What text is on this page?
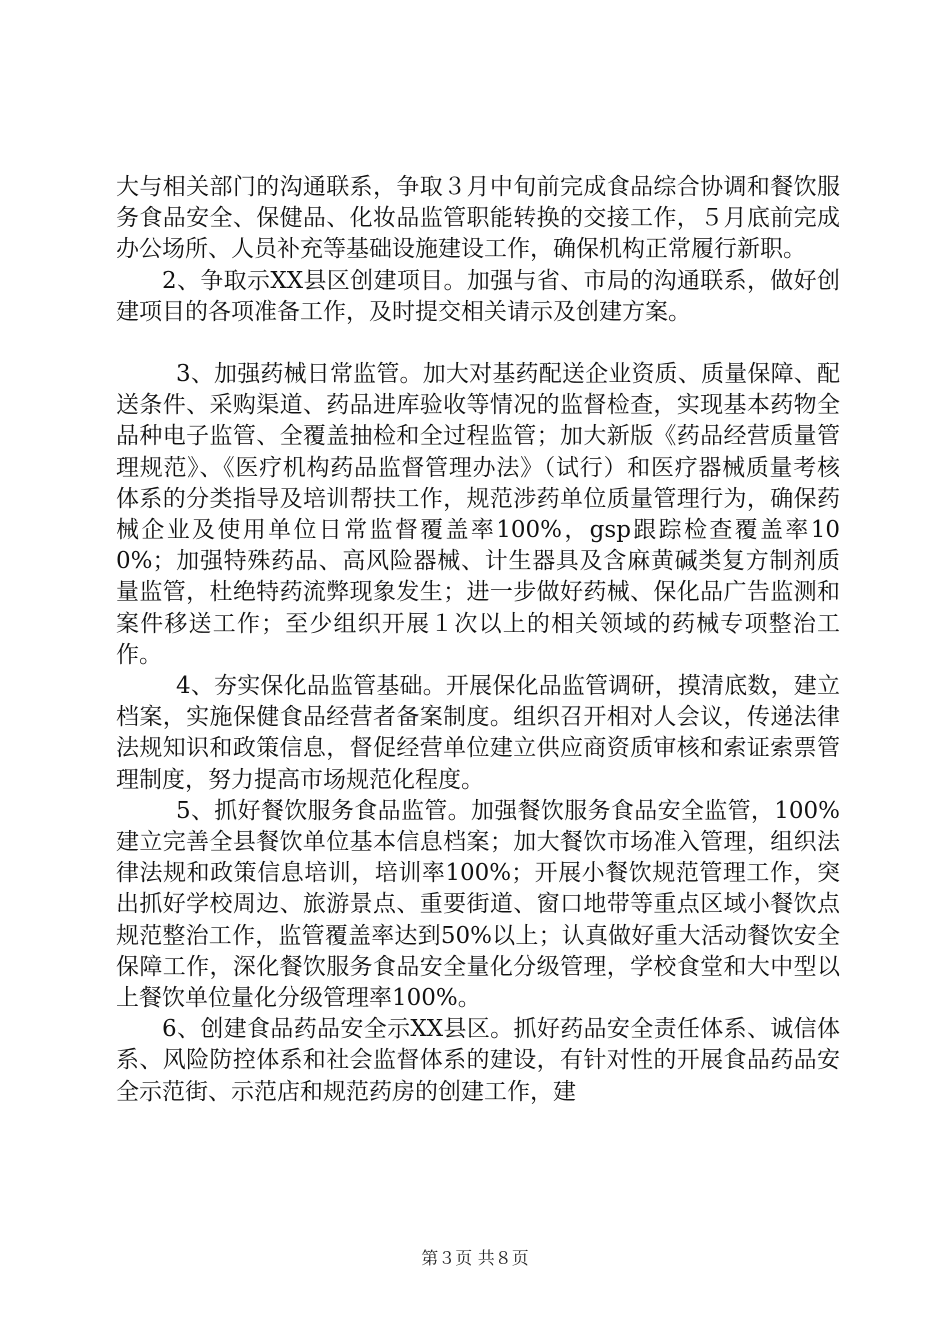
大与相关部门的沟通联系，争取３月中旬前完成食品综合协调和餐饮服务食品安全、保健品、化妆品监管职能转换的交接工作，５月底前完成办公场所、人员补充等基础设施建设工作，确保机构正常履行新职。

2、争取示XX县区创建项目。加强与省、市局的沟通联系，做好创建项目的各项准备工作，及时提交相关请示及创建方案。

3、加强药械日常监管。加大对基药配送企业资质、质量保障、配送条件、采购渠道、药品进库验收等情况的监督检查，实现基本药物全品种电子监管、全覆盖抽检和全过程监管；加大新版《药品经营质量管理规范》、《医疗机构药品监督管理办法》（试行）和医疗器械质量考核体系的分类指导及培训帮扶工作，规范涉药单位质量管理行为，确保药械企业及使用单位日常监督覆盖率100%，gsp跟踪检查覆盖率100%；加强特殊药品、高风险器械、计生器具及含麻黄碱类复方制剂质量监管，杜绝特药流弊现象发生；进一步做好药械、保化品广告监测和案件移送工作；至少组织开展１次以上的相关领域的药械专项整治工作。

4、夯实保化品监管基础。开展保化品监管调研，摸清底数，建立档案，实施保健食品经营者备案制度。组织召开相对人会议，传递法律法规知识和政策信息，督促经营单位建立供应商资质审核和索证索票管理制度，努力提高市场规范化程度。

5、抓好餐饮服务食品监管。加强餐饮服务食品安全监管，100%建立完善全县餐饮单位基本信息档案；加大餐饮市场准入管理，组织法律法规和政策信息培训，培训率100%；开展小餐饮规范管理工作，突出抓好学校周边、旅游景点、重要街道、窗口地带等重点区域小餐饮点规范整治工作，监管覆盖率达到50%以上；认真做好重大活动餐饮安全保障工作，深化餐饮服务食品安全量化分级管理，学校食堂和大中型以上餐饮单位量化分级管理率100%。

6、创建食品药品安全示XX县区。抓好药品安全责任体系、诚信体系、风险防控体系和社会监督体系的建设，有针对性的开展食品药品安全示范街、示范店和规范药房的创建工作，建

第３页 共８页
